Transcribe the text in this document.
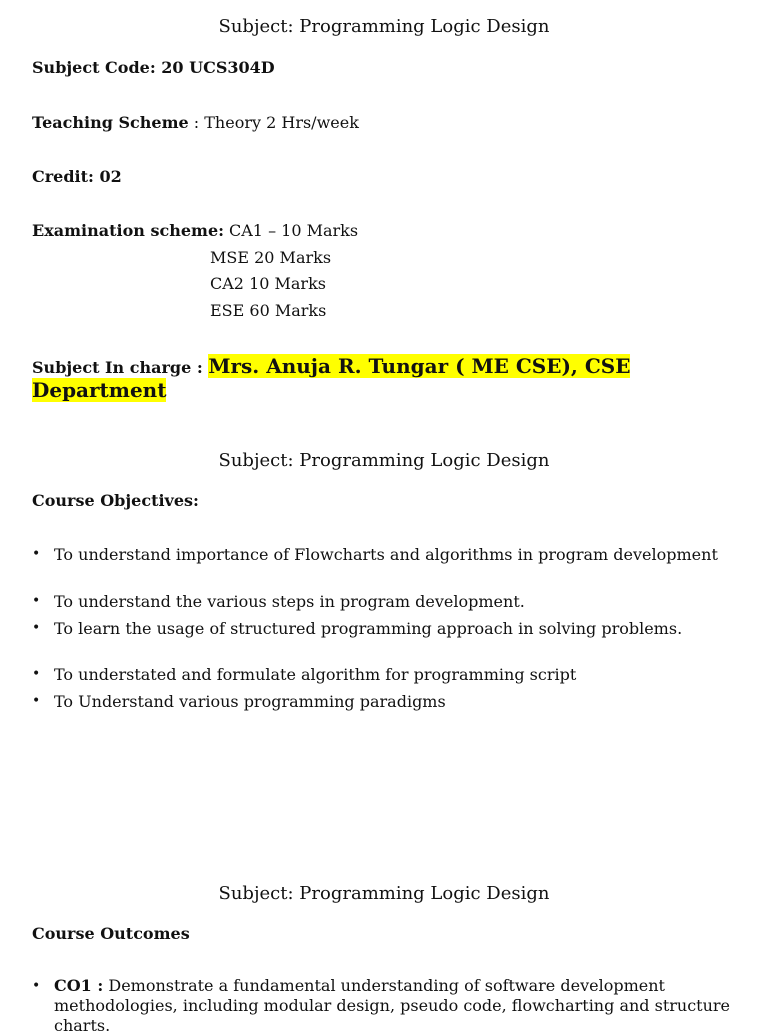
Subject: Programming Logic Design
Subject Code: 20 UCS304D
Teaching Scheme : Theory 2 Hrs/week
Credit: 02
Examination scheme: CA1 – 10 Marks
MSE 20 Marks
CA2 10 Marks
ESE 60 Marks
Subject In charge : Mrs. Anuja R. Tungar ( ME CSE), CSE Department
Subject: Programming Logic Design
Course Objectives:
• To understand importance of Flowcharts and algorithms in program development
• To understand the various steps in program development.
• To learn the usage of structured programming approach in solving problems.
• To understated and formulate algorithm for programming script
• To Understand various programming paradigms
Subject: Programming Logic Design
Course Outcomes
• CO1 : Demonstrate a fundamental understanding of software development methodologies, including modular design, pseudo code, flowcharting and structure charts.
